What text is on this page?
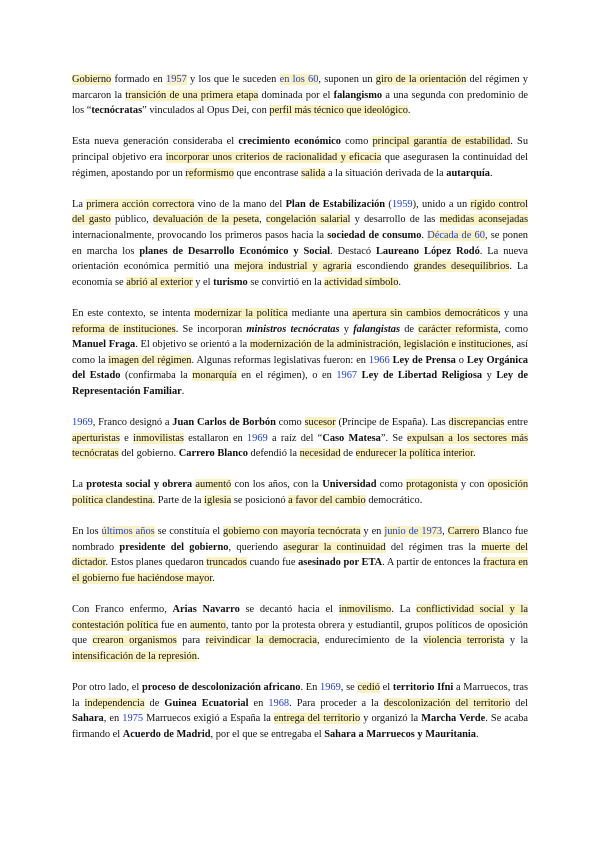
Gobierno formado en 1957 y los que le suceden en los 60, suponen un giro de la orientación del régimen y marcaron la transición de una primera etapa dominada por el falangismo a una segunda con predominio de los “tecnócratas” vinculados al Opus Dei, con perfil más técnico que ideológico.

Esta nueva generación consideraba el crecimiento económico como principal garantía de estabilidad. Su principal objetivo era incorporar unos criterios de racionalidad y eficacia que asegurasen la continuidad del régimen, apostando por un reformismo que encontrase salida a la situación derivada de la autarquía.

La primera acción correctora vino de la mano del Plan de Estabilización (1959), unido a un rígido control del gasto público, devaluación de la peseta, congelación salarial y desarrollo de las medidas aconsejadas internacionalmente, provocando los primeros pasos hacia la sociedad de consumo. Década de 60, se ponen en marcha los planes de Desarrollo Económico y Social. Destacó Laureano López Rodó. La nueva orientación económica permitió una mejora industrial y agraria escondiendo grandes desequilibrios. La economía se abrió al exterior y el turismo se convirtió en la actividad símbolo.

En este contexto, se intenta modernizar la política mediante una apertura sin cambios democráticos y una reforma de instituciones. Se incorporan ministros tecnócratas y falangistas de carácter reformista, como Manuel Fraga. El objetivo se orientó a la modernización de la administración, legislación e instituciones, así como la imagen del régimen. Algunas reformas legislativas fueron: en 1966 Ley de Prensa o Ley Orgánica del Estado (confirmaba la monarquía en el régimen), o en 1967 Ley de Libertad Religiosa y Ley de Representación Familiar.

1969, Franco designó a Juan Carlos de Borbón como sucesor (Príncipe de España). Las discrepancias entre aperturistas e inmovilistas estallaron en 1969 a raíz del “Caso Matesa”. Se expulsan a los sectores más tecnócratas del gobierno. Carrero Blanco defendió la necesidad de endurecer la política interior.

La protesta social y obrera aumentó con los años, con la Universidad como protagonista y con oposición política clandestina. Parte de la iglesia se posicionó a favor del cambio democrático.

En los últimos años se constituía el gobierno con mayoría tecnócrata y en junio de 1973, Carrero Blanco fue nombrado presidente del gobierno, queriendo asegurar la continuidad del régimen tras la muerte del dictador. Estos planes quedaron truncados cuando fue asesinado por ETA. A partir de entonces la fractura en el gobierno fue haciéndose mayor.

Con Franco enfermo, Arias Navarro se decantó hacia el inmovilismo. La conflictividad social y la contestación política fue en aumento, tanto por la protesta obrera y estudiantil, grupos políticos de oposición que crearon organismos para reivindicar la democracia, endurecimiento de la violencia terrorista y la intensificación de la represión.

Por otro lado, el proceso de descolonización africano. En 1969, se cedió el territorio Ifni a Marruecos, tras la independencia de Guinea Ecuatorial en 1968. Para proceder a la descolonización del territorio del Sahara, en 1975 Marruecos exigió a España la entrega del territorio y organizó la Marcha Verde. Se acaba firmando el Acuerdo de Madrid, por el que se entregaba el Sahara a Marruecos y Mauritania.
